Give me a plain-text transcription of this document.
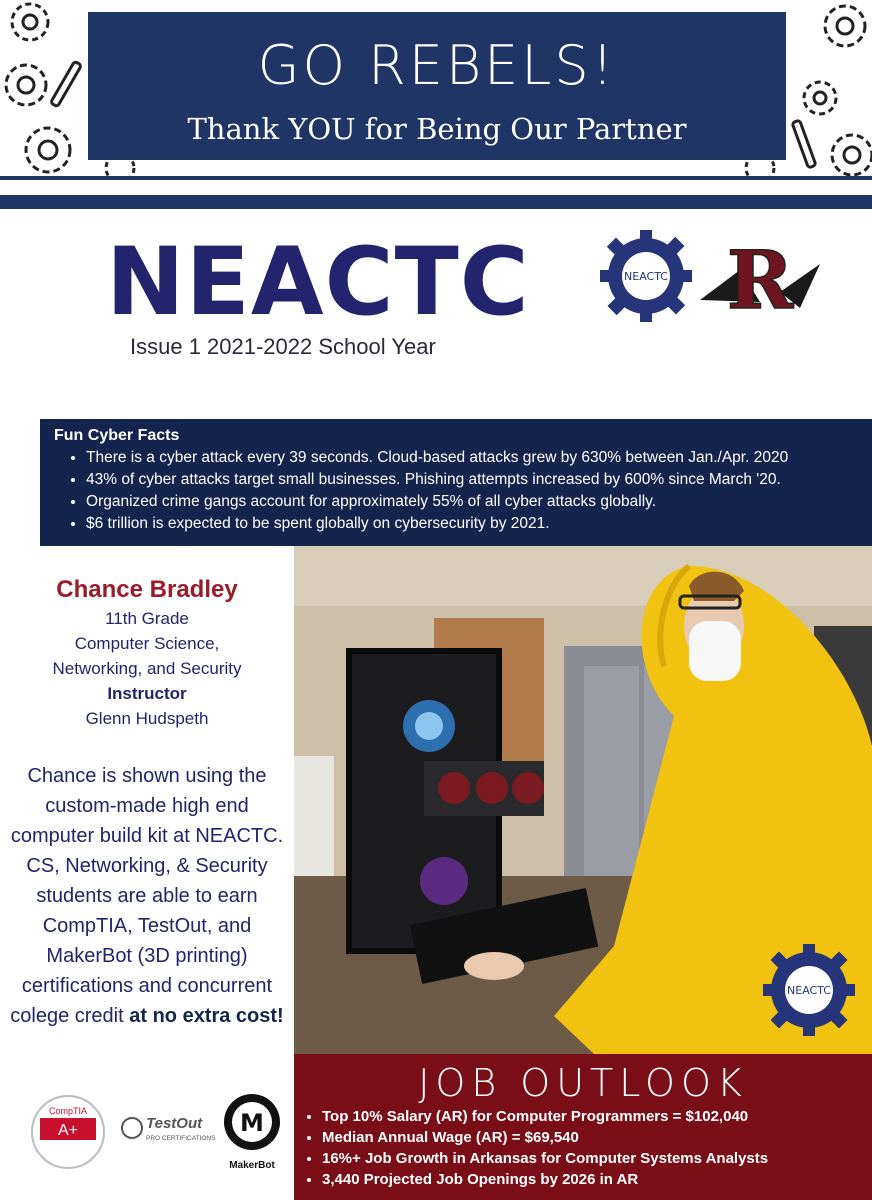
GO REBELS!
Thank YOU for Being Our Partner
NEACTC
Issue 1 2021-2022 School Year
NEACTC R
Fun Cyber Facts
• There is a cyber attack every 39 seconds. Cloud-based attacks grew by 630% between Jan./Apr. 2020
• 43% of cyber attacks target small businesses. Phishing attempts increased by 600% since March '20.
• Organized crime gangs account for approximately 55% of all cyber attacks globally.
• $6 trillion is expected to be spent globally on cybersecurity by 2021.
Chance Bradley
11th Grade
Computer Science,
Networking, and Security
Instructor
Glenn Hudspeth
Chance is shown using the custom-made high end computer build kit at NEACTC. CS, Networking, & Security students are able to earn CompTIA, TestOut, and MakerBot (3D printing) certifications and concurrent colege credit at no extra cost!
NEACTC
JOB OUTLOOK
• Top 10% Salary (AR) for Computer Programmers = $102,040
• Median Annual Wage (AR) = $69,540
• 16%+ Job Growth in Arkansas for Computer Systems Analysts
• 3,440 Projected Job Openings by 2026 in AR
CompTIA
A+	TestOut
PRO CERTIFICATIONS
M
MakerBot
